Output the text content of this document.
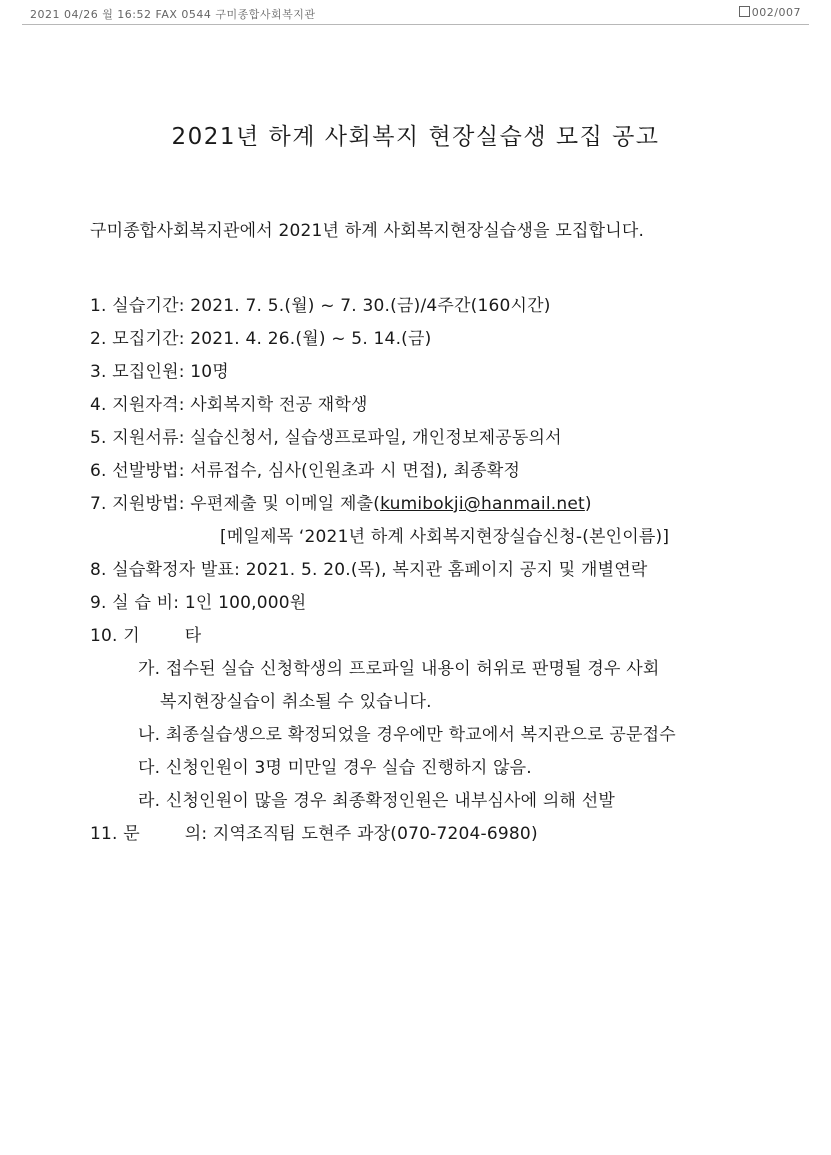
2021 04/26 월 16:52 FAX 0544 구미종합사회복지관	002/007
2021년 하계 사회복지 현장실습생 모집 공고
구미종합사회복지관에서 2021년 하계 사회복지현장실습생을 모집합니다.
1. 실습기간: 2021. 7. 5.(월) ~ 7. 30.(금)/4주간(160시간)
2. 모집기간: 2021. 4. 26.(월) ~ 5. 14.(금)
3. 모집인원: 10명
4. 지원자격: 사회복지학 전공 재학생
5. 지원서류: 실습신청서, 실습생프로파일, 개인정보제공동의서
6. 선발방법: 서류접수, 심사(인원초과 시 면접), 최종확정
7. 지원방법: 우편제출 및 이메일 제출(kumibokji@hanmail.net)
[메일제목 ‘2021년 하계 사회복지현장실습신청-(본인이름)]
8. 실습확정자 발표: 2021. 5. 20.(목), 복지관 홈페이지 공지 및 개별연락
9. 실 습 비: 1인 100,000원
10. 기        타
가. 접수된 실습 신청학생의 프로파일 내용이 허위로 판명될 경우 사회
복지현장실습이 취소될 수 있습니다.
나. 최종실습생으로 확정되었을 경우에만 학교에서 복지관으로 공문접수
다. 신청인원이 3명 미만일 경우 실습 진행하지 않음.
라. 신청인원이 많을 경우 최종확정인원은 내부심사에 의해 선발
11. 문        의: 지역조직팀 도현주 과장(070-7204-6980)
